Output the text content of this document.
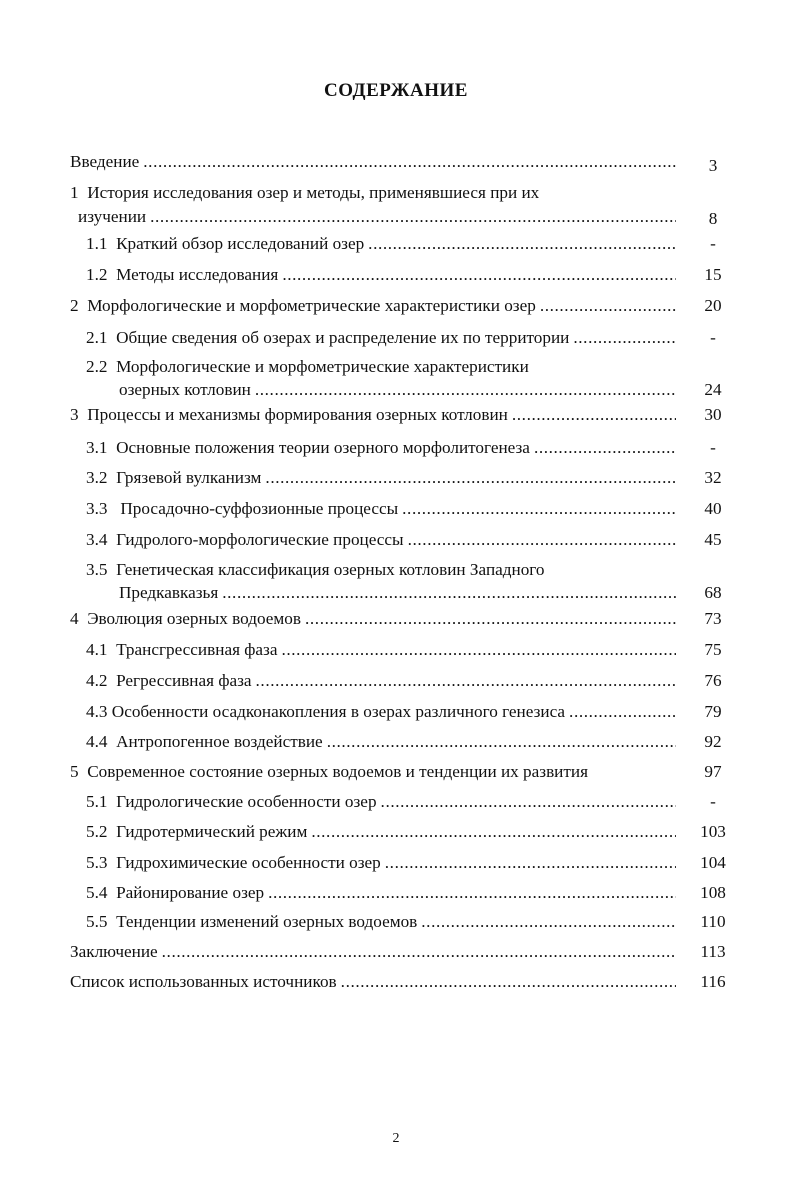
СОДЕРЖАНИЕ
Введение .....	3
1 История исследования озер и методы, применявшиеся при их
изучении .....	8
1.1 Краткий обзор исследований озер .....	-
1.2 Методы исследования .....	15
2 Морфологические и морфометрические характеристики озер .....	20
2.1 Общие сведения об озерах и распределение их по территории .....	-
2.2 Морфологические и морфометрические характеристики
озерных котловин .....	24
3 Процессы и механизмы формирования озерных котловин .....	30
3.1 Основные положения теории озерного морфолитогенеза .....	-
3.2 Грязевой вулканизм .....	32
3.3 Просадочно-суффозионные процессы .....	40
3.4 Гидролого-морфологические процессы .....	45
3.5 Генетическая классификация озерных котловин Западного
Предкавказья .....	68
4 Эволюция озерных водоемов .....	73
4.1 Трансгрессивная фаза .....	75
4.2 Регрессивная фаза .....	76
4.3 Особенности осадконакопления в озерах различного генезиса .....	79
4.4 Антропогенное воздействие .....	92
5 Современное состояние озерных водоемов и тенденции их развития	97
5.1 Гидрологические особенности озер .....	-
5.2 Гидротермический режим .....	103
5.3 Гидрохимические особенности озер .....	104
5.4 Районирование озер .....	108
5.5 Тенденции изменений озерных водоемов .....	110
Заключение .....	113
Список использованных источников .....	116
2
